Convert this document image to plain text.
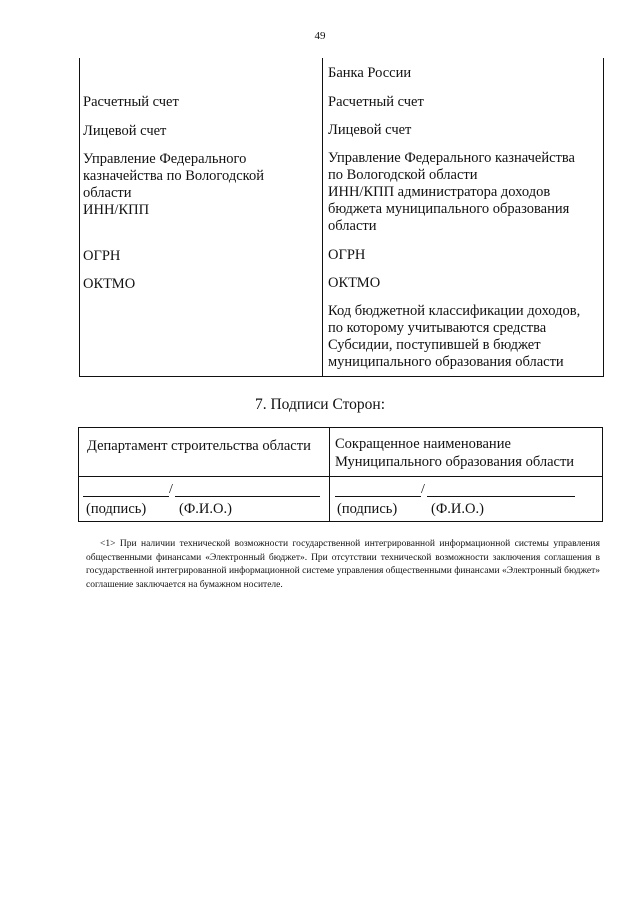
49
Расчетный счет
Лицевой счет
Управление Федерального
казначейства по Вологодской
области
ИНН/КПП
ОГРН
ОКТМО
Банка России
Расчетный счет
Лицевой счет
Управление Федерального казначейства
по Вологодской области
ИНН/КПП администратора доходов
бюджета муниципального образования
области
ОГРН
ОКТМО
Код бюджетной классификации доходов,
по которому учитываются средства
Субсидии, поступившей в бюджет
муниципального образования области
7. Подписи Сторон:
Департамент строительства области Сокращенное наименование
Муниципального образования области
/
(подпись) (Ф.И.О.)
/
(подпись) (Ф.И.О.)
<1> При наличии технической возможности государственной интегрированной информационной системы управления общественными финансами «Электронный бюджет». При отсутствии технической возможности заключения соглашения в государственной интегрированной информационной системе управления общественными финансами «Электронный бюджет» соглашение заключается на бумажном носителе.
